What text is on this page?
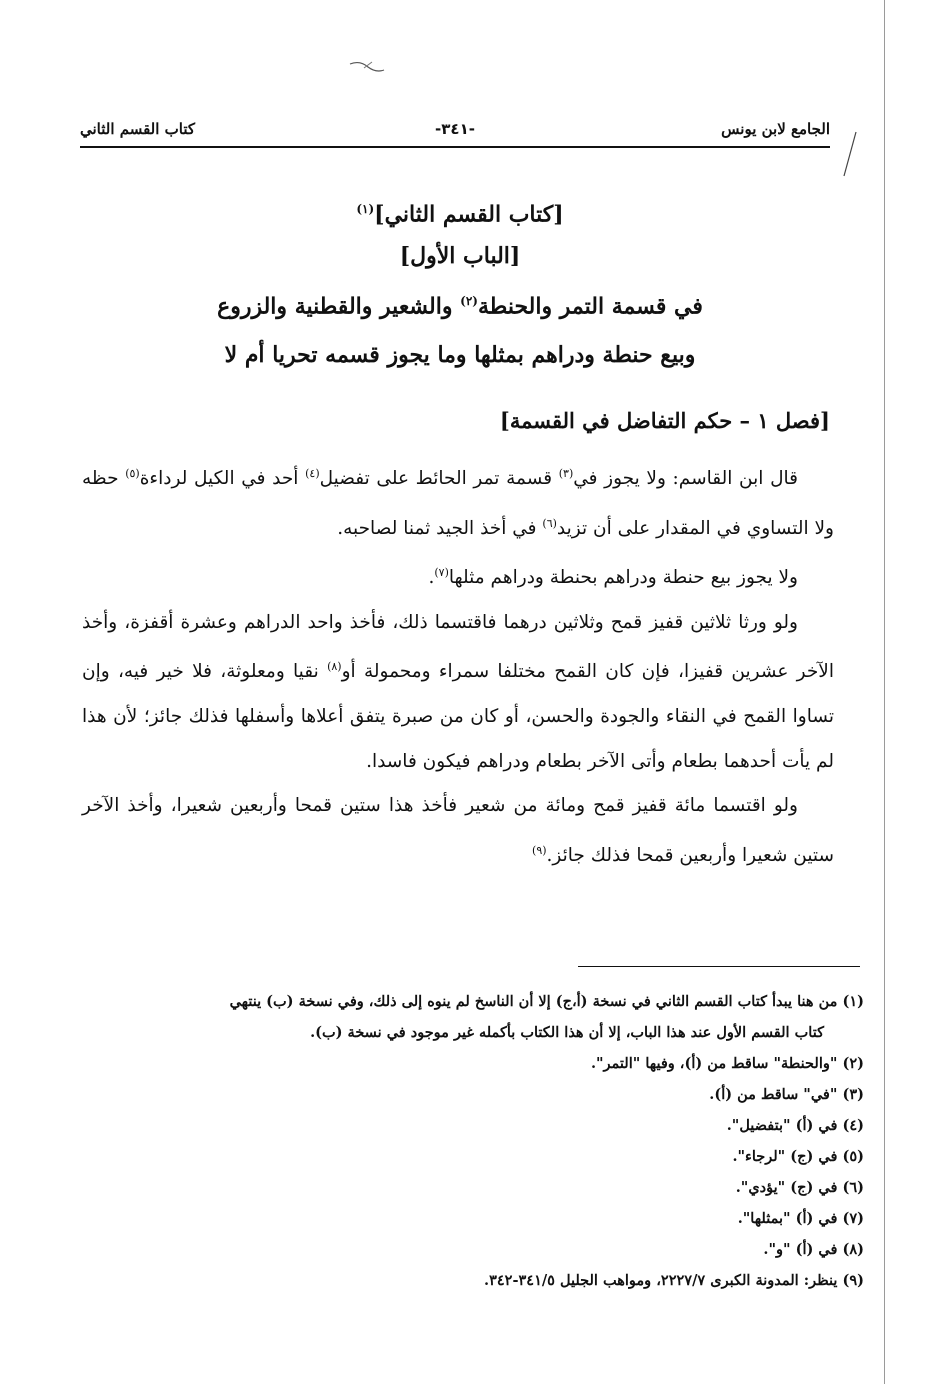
الجامع لابن يونس
-٣٤١-
كتاب القسم الثاني
[كتاب القسم الثاني]$^{(١)}$
[الباب الأول]
في قسمة التمر والحنطة$^{(٢)}$ والشعير والقطنية والزروع
وبيع حنطة ودراهم بمثلها وما يجوز قسمه تحريا أم لا
[فصل ١ – حكم التفاضل في القسمة]

قال ابن القاسم: ولا يجوز في$^{(٣)}$ قسمة تمر الحائط على تفضيل$^{(٤)}$ أحد في الكيل لرداءة$^{(٥)}$ حظه ولا التساوي في المقدار على أن تزيد$^{(٦)}$ في أخذ الجيد ثمنا لصاحبه.

ولا يجوز بيع حنطة ودراهم بحنطة ودراهم مثلها$^{(٧)}$.

ولو ورثا ثلاثين قفيز قمح وثلاثين درهما فاقتسما ذلك، فأخذ واحد الدراهم وعشرة أقفزة، وأخذ الآخر عشرين قفيزا، فإن كان القمح مختلفا سمراء ومحمولة أو$^{(٨)}$ نقيا ومعلوثة، فلا خير فيه، وإن تساوا القمح في النقاء والجودة والحسن، أو كان من صبرة يتفق أعلاها وأسفلها فذلك جائز؛ لأن هذا لم يأت أحدهما بطعام وأتى الآخر بطعام ودراهم فيكون فاسدا.

ولو اقتسما مائة قفيز قمح ومائة من شعير فأخذ هذا ستين قمحا وأربعين شعيرا، وأخذ الآخر ستين شعيرا وأربعين قمحا فذلك جائز.$^{(٩)}$

(١) من هنا يبدأ كتاب القسم الثاني في نسخة (أ،ج) إلا أن الناسخ لم ينوه إلى ذلك، وفي نسخة (ب) ينتهي

كتاب القسم الأول عند هذا الباب، إلا أن هذا الكتاب بأكمله غير موجود في نسخة (ب).

(٢) "والحنطة" ساقط من (أ)، وفيها "التمر".

(٣) "في" ساقط من (أ).

(٤) في (أ) "بتفضيل".

(٥) في (ج) "لرجاء".

(٦) في (ج) "يؤدي".

(٧) في (أ) "بمثلها".

(٨) في (أ) "و".

(٩) ينظر: المدونة الكبرى ٢٢٢٧/٧، ومواهب الجليل ٣٤١/٥-٣٤٢.
